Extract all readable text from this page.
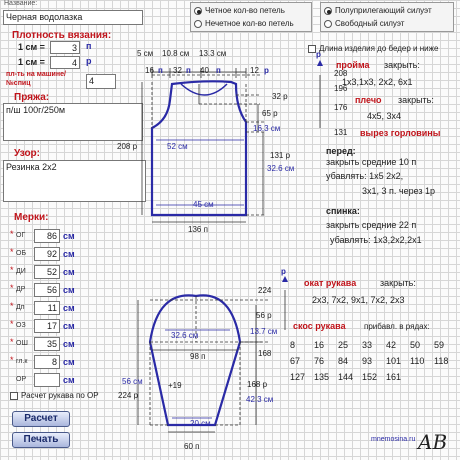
Название:
Черная водолазка
Плотность вязания:
1 см =	3	п
1 см =	4	р
пл-ть на машине/
№спиц	4
Пряжа:
п/ш 100г/250м
Узор:
Резинка 2х2
Мерки:
* ОГ	86 см
* ОБ	92 см
* ДИ	52 см
* ДР	56 см
* Дп	11 см
* ОЗ	17 см
* ОШ	35 см
* гл.к	8 см
ОР	см
Расчет рукава по ОР
Расчет
Печать
Четное кол-во петель
Нечетное кол-во петель
Полуприлегающий силуэт
Свободный силуэт
Длина изделия до бедер и ниже
5 см 10.8 см 13.3 см
16 п 32 п 40 п	12 р
р
208
196
176
131
32 р
65 р
16.3 см
52 см
131 р
32.6 см
208 р
45 см
136 п
пройма закрыть:
1х3,1х3, 2х2, 6х1
плечо закрыть:
4х5, 3х4
вырез горловины
перед:
закрыть средние 10 п
убавлять: 1х5 2х2,
3х1, 3 п. через 1р
спинка:
закрыть средние 22 п
убавлять: 1х3,2х2,2х1
224
р
56 р
13.7 см
32.6 см
98 п	168
+19	168 р
42.3 см
56 см
224 р
20 см
60 п
окат рукава	закрыть:
2х3, 7х2, 9х1, 7х2, 2х3
скос рукава прибавл. в рядах:
8 16 25 33 42 50 59
67 76 84 93 101 110 118
127 135 144 152 161
mnemosina.ru AB
